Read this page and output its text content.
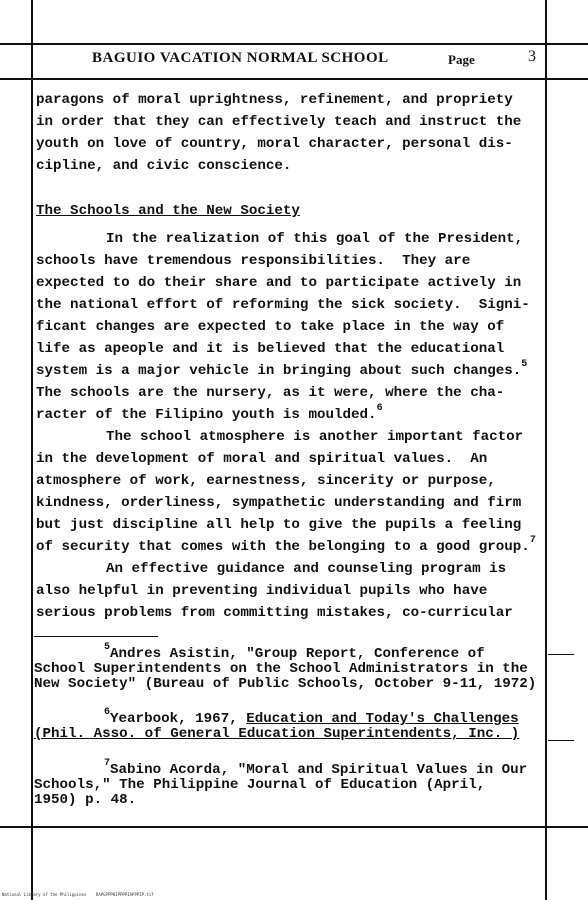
BAGUIO VACATION NORMAL SCHOOL	Page	3
paragons of moral uprightness, refinement, and propriety
in order that they can effectively teach and instruct the
youth on love of country, moral character, personal dis-
cipline, and civic conscience.
The Schools and the New Society
In the realization of this goal of the President,
schools have tremendous responsibilities.  They are
expected to do their share and to participate actively in
the national effort of reforming the sick society.  Signi-
ficant changes are expected to take place in the way of
life as apeople and it is believed that the educational
system is a major vehicle in bringing about such changes.$^5$
The schools are the nursery, as it were, where the cha-
racter of the Filipino youth is moulded.$^6$
The school atmosphere is another important factor
in the development of moral and spiritual values.  An
atmosphere of work, earnestness, sincerity or purpose,
kindness, orderliness, sympathetic understanding and firm
but just discipline all help to give the pupils a feeling
of security that comes with the belonging to a good group.$^7$
An effective guidance and counseling program is
also helpful in preventing individual pupils who have
serious problems from committing mistakes, co-curricular
$^5$Andres Asistin, "Group Report, Conference of
School Superintendents on the School Administrators in the
New Society" (Bureau of Public Schools, October 9-11, 1972)
$^6$Yearbook, 1967, Education and Today's Challenges
(Phil. Asso. of General Education Superintendents, Inc. )
$^7$Sabino Acorda, "Moral and Spiritual Values in Our
Schools," The Philippine Journal of Education (April,
1950) p. 48.
National Library of the Philippines    RAPGPPPHIPPPPIAPPPIP.tif
